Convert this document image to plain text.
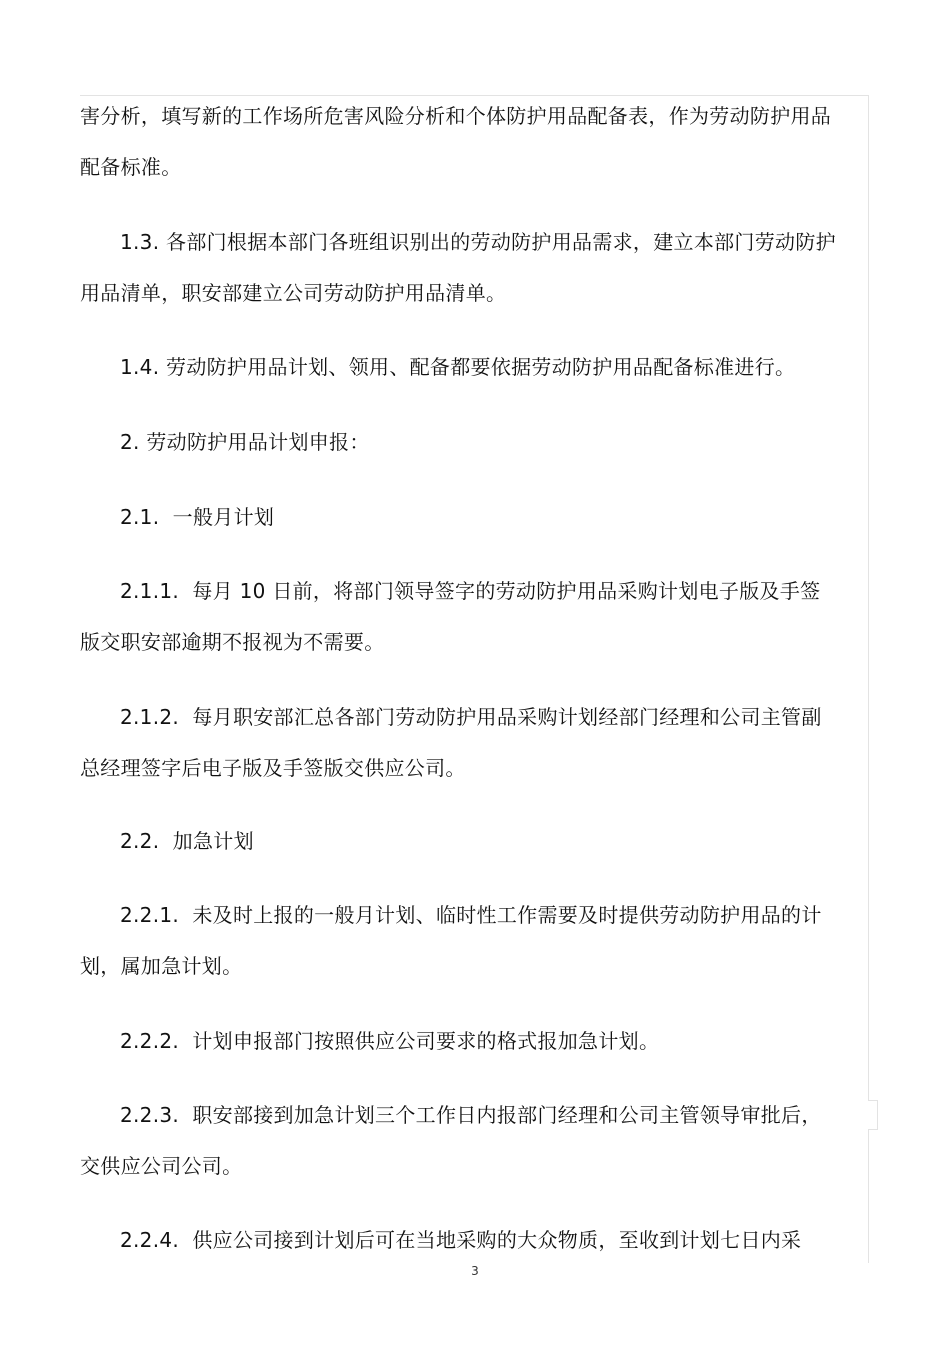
害分析，填写新的工作场所危害风险分析和个体防护用品配备表，作为劳动防护用品配备标准。

1.3. 各部门根据本部门各班组识别出的劳动防护用品需求，建立本部门劳动防护用品清单，职安部建立公司劳动防护用品清单。

1.4. 劳动防护用品计划、领用、配备都要依据劳动防护用品配备标准进行。

2. 劳动防护用品计划申报：

2.1.  一般月计划

2.1.1.  每月 10 日前，将部门领导签字的劳动防护用品采购计划电子版及手签版交职安部逾期不报视为不需要。

2.1.2.  每月职安部汇总各部门劳动防护用品采购计划经部门经理和公司主管副总经理签字后电子版及手签版交供应公司。

2.2.  加急计划

2.2.1.  未及时上报的一般月计划、临时性工作需要及时提供劳动防护用品的计划，属加急计划。

2.2.2.  计划申报部门按照供应公司要求的格式报加急计划。

2.2.3.  职安部接到加急计划三个工作日内报部门经理和公司主管领导审批后，交供应公司公司。

2.2.4.  供应公司接到计划后可在当地采购的大众物质，至收到计划七日内采

3
